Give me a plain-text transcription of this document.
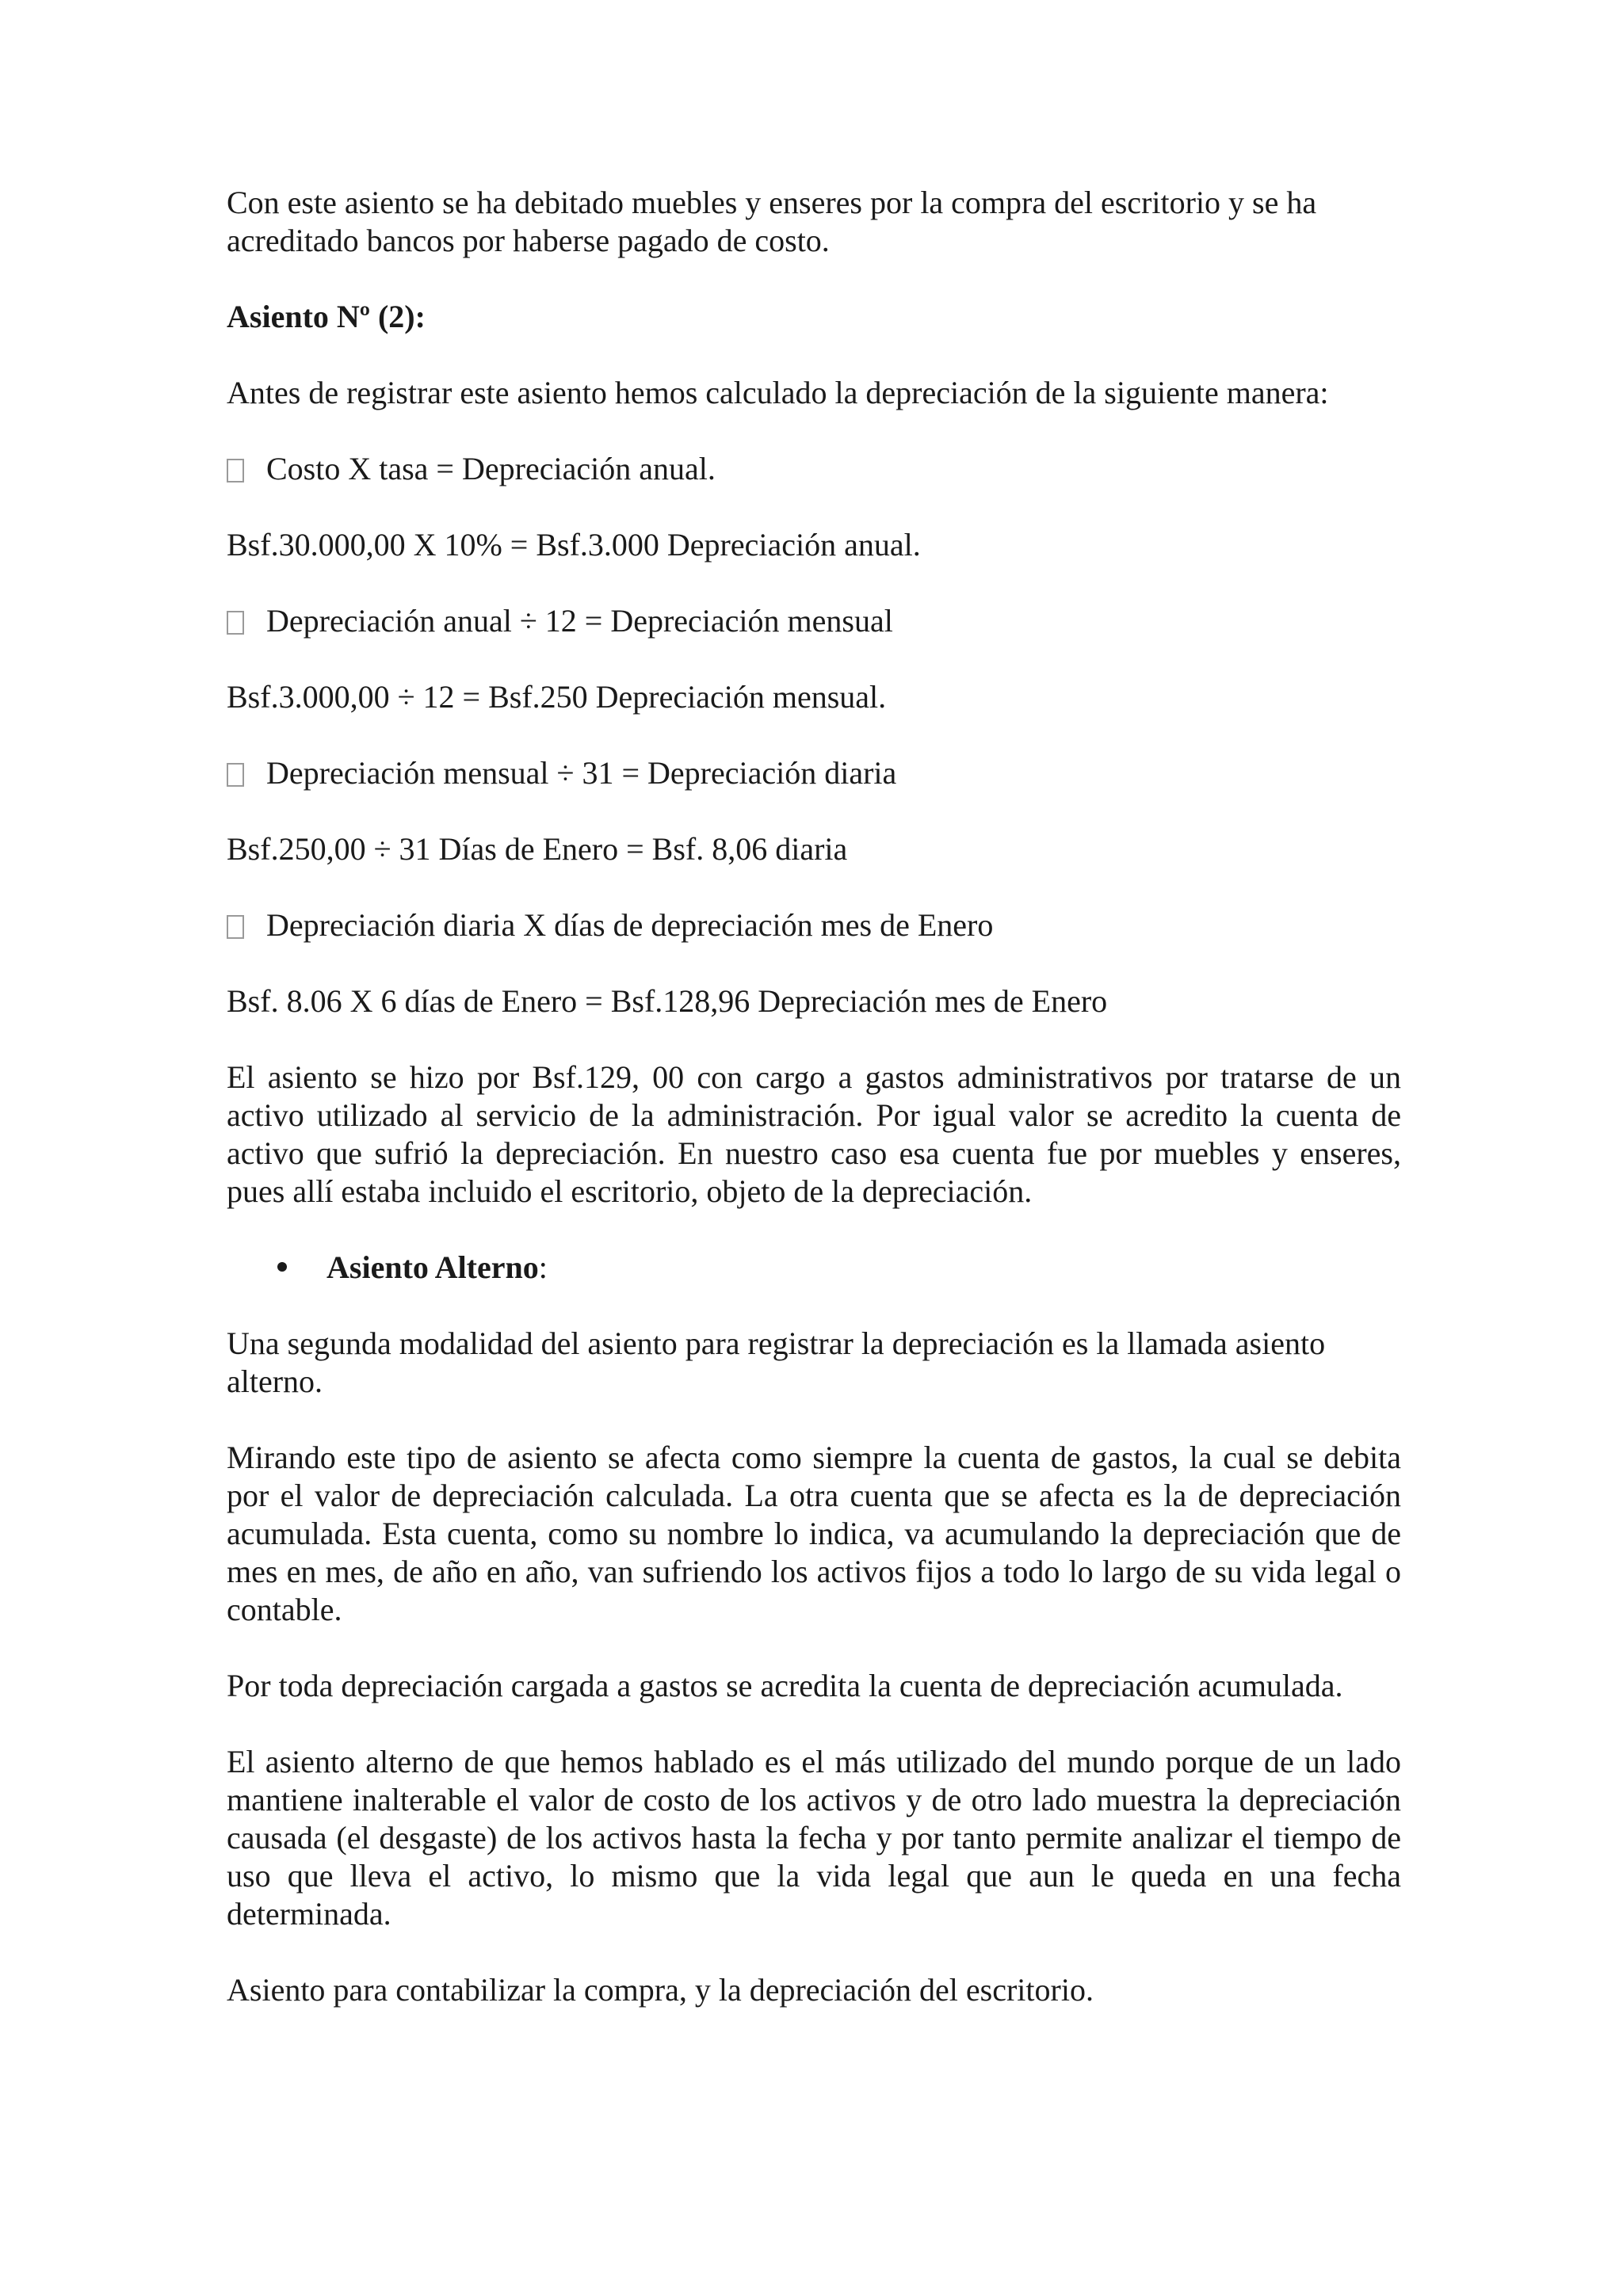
Con este asiento se ha debitado muebles y enseres por la compra del escritorio y se ha acreditado bancos por haberse pagado de costo.

Asiento Nº (2):

Antes de registrar este asiento hemos calculado la depreciación de la siguiente manera:

Costo X tasa = Depreciación anual.

Bsf.30.000,00 X 10% = Bsf.3.000 Depreciación anual.

Depreciación anual ÷ 12 = Depreciación mensual

Bsf.3.000,00 ÷ 12 = Bsf.250 Depreciación mensual.

Depreciación mensual ÷ 31 = Depreciación diaria

Bsf.250,00 ÷ 31 Días de Enero = Bsf. 8,06 diaria

Depreciación diaria X días de depreciación mes de Enero

Bsf. 8.06 X 6 días de Enero = Bsf.128,96 Depreciación mes de Enero

El asiento se hizo por Bsf.129, 00 con cargo a gastos administrativos por tratarse de un activo utilizado al servicio de la administración. Por igual valor se acredito la cuenta de activo que sufrió la depreciación. En nuestro caso esa cuenta fue por muebles y enseres, pues allí estaba incluido el escritorio, objeto de la depreciación.

Asiento Alterno:

Una segunda modalidad del asiento para registrar la depreciación es la llamada asiento alterno.

Mirando este tipo de asiento se afecta como siempre la cuenta de gastos, la cual se debita por el valor de depreciación calculada. La otra cuenta que se afecta es la de depreciación acumulada. Esta cuenta, como su nombre lo indica, va acumulando la depreciación que de mes en mes, de año en año, van sufriendo los activos fijos a todo lo largo de su vida legal o contable.

Por toda depreciación cargada a gastos se acredita la cuenta de depreciación acumulada.

El asiento alterno de que hemos hablado es el más utilizado del mundo porque de un lado mantiene inalterable el valor de costo de los activos y de otro lado muestra la depreciación causada (el desgaste) de los activos hasta la fecha y por tanto permite analizar el tiempo de uso que lleva el activo, lo mismo que la vida legal que aun le queda en una fecha determinada.

Asiento para contabilizar la compra, y la depreciación del escritorio.
